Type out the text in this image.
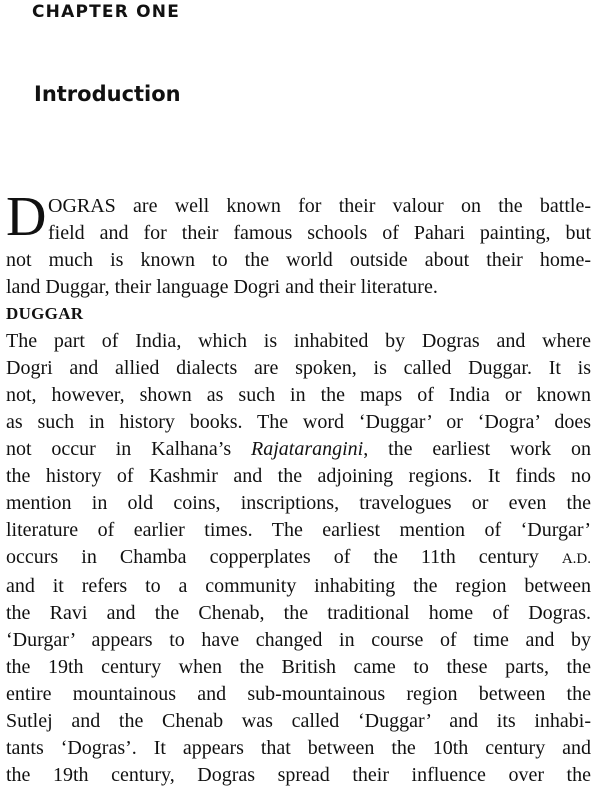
CHAPTER ONE
Introduction
D OGRAS are well known for their valour on the battle-
field and for their famous schools of Pahari painting, but
not much is known to the world outside about their home-
land Duggar, their language Dogri and their literature.
DUGGAR
The part of India, which is inhabited by Dogras and where
Dogri and allied dialects are spoken, is called Duggar. It is
not, however, shown as such in the maps of India or known
as such in history books. The word ‘Duggar’ or ‘Dogra’ does
not occur in Kalhana’s Rajatarangini, the earliest work on
the history of Kashmir and the adjoining regions. It finds no
mention in old coins, inscriptions, travelogues or even the
literature of earlier times. The earliest mention of ‘Durgar’
occurs in Chamba copperplates of the 11th century A.D.
and it refers to a community inhabiting the region between
the Ravi and the Chenab, the traditional home of Dogras.
‘Durgar’ appears to have changed in course of time and by
the 19th century when the British came to these parts, the
entire mountainous and sub-mountainous region between the
Sutlej and the Chenab was called ‘Duggar’ and its inhabi-
tants ‘Dogras’. It appears that between the 10th century and
the 19th century, Dogras spread their influence over the
